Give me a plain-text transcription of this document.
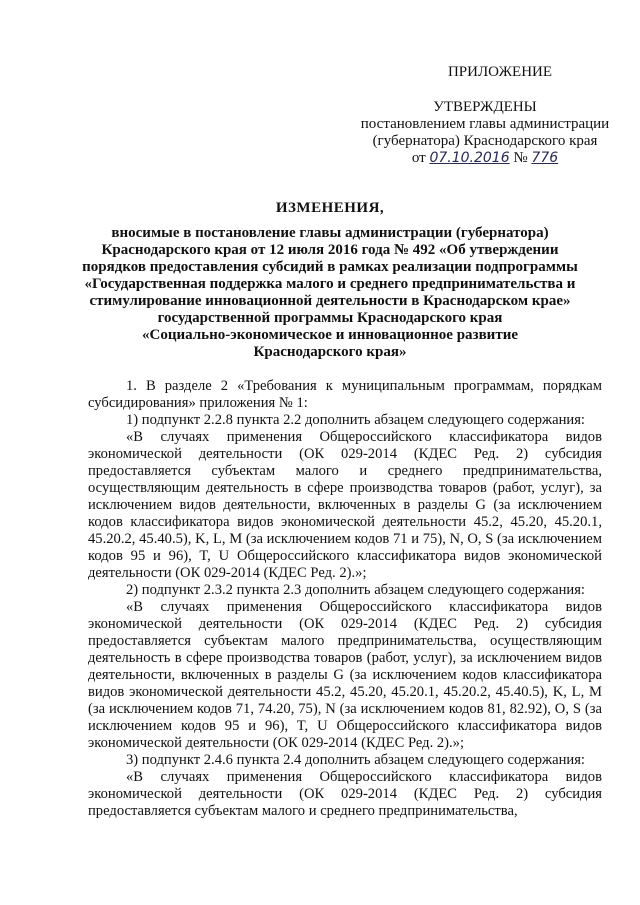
ПРИЛОЖЕНИЕ
УТВЕРЖДЕНЫ
постановлением главы администрации
(губернатора) Краснодарского края
от 07.10.2016 № 776
ИЗМЕНЕНИЯ,
вносимые в постановление главы администрации (губернатора)
Краснодарского края от 12 июля 2016 года № 492 «Об утверждении
порядков предоставления субсидий в рамках реализации подпрограммы
«Государственная поддержка малого и среднего предпринимательства и
стимулирование инновационной деятельности в Краснодарском крае»
государственной программы Краснодарского края
«Социально-экономическое и инновационное развитие
Краснодарского края»

1. В разделе 2 «Требования к муниципальным программам, порядкам субсидирования» приложения № 1:

1) подпункт 2.2.8 пункта 2.2 дополнить абзацем следующего содержания:

«В случаях применения Общероссийского классификатора видов экономической деятельности (ОК 029-2014 (КДЕС Ред. 2) субсидия предоставляется субъектам малого и среднего предпринимательства, осуществляющим деятельность в сфере производства товаров (работ, услуг), за исключением видов деятельности, включенных в разделы G (за исключением кодов классификатора видов экономической деятельности 45.2, 45.20, 45.20.1, 45.20.2, 45.40.5), K, L, M (за исключением кодов 71 и 75), N, O, S (за исключением кодов 95 и 96), T, U Общероссийского классификатора видов экономической деятельности (ОК 029-2014 (КДЕС Ред. 2).»;

2) подпункт 2.3.2 пункта 2.3 дополнить абзацем следующего содержания:

«В случаях применения Общероссийского классификатора видов экономической деятельности (ОК 029-2014 (КДЕС Ред. 2) субсидия предоставляется субъектам малого предпринимательства, осуществляющим деятельность в сфере производства товаров (работ, услуг), за исключением видов деятельности, включенных в разделы G (за исключением кодов классификатора видов экономической деятельности 45.2, 45.20, 45.20.1, 45.20.2, 45.40.5), K, L, M (за исключением кодов 71, 74.20, 75), N (за исключением кодов 81, 82.92), O, S (за исключением кодов 95 и 96), T, U Общероссийского классификатора видов экономической деятельности (ОК 029-2014 (КДЕС Ред. 2).»;

3) подпункт 2.4.6 пункта 2.4 дополнить абзацем следующего содержания:

«В случаях применения Общероссийского классификатора видов экономической деятельности (ОК 029-2014 (КДЕС Ред. 2) субсидия предоставляется субъектам малого и среднего предпринимательства,
